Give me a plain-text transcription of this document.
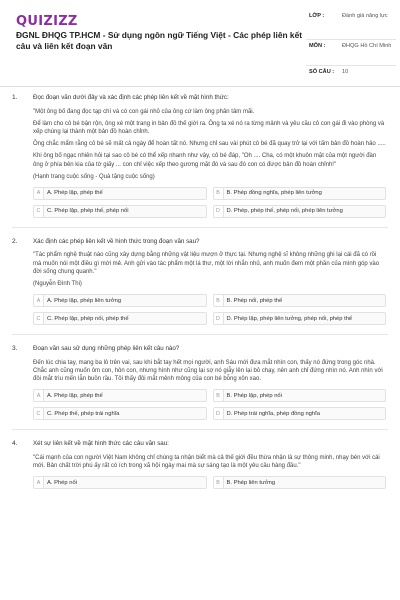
QUIZIZZ
ĐGNL ĐHQG TP.HCM - Sử dụng ngôn ngữ Tiếng Việt - Các phép liên kết câu và liên kết đoạn văn
LỚP :	Đánh giá năng lực
MÔN :	ĐHQG Hồ Chí Minh
SỐ CÂU :	10
1.	Đọc đoạn văn dưới đây và xác định các phép liên kết về mặt hình thức:

"Một ông bố đang đọc tạp chí và có con gái nhỏ của ông cứ làm ông phân tâm mãi.

Để làm cho cô bé bận rộn, ông xé một trang in bản đồ thế giới ra. Ông ta xé nó ra từng mảnh và yêu cầu cô con gái đi vào phòng và xếp chúng lại thành một bản đồ hoàn chỉnh.

Ông chắc mẩm rằng cô bé sẽ mất cả ngày để hoàn tất nó. Nhưng chỉ sau vài phút cô bé đã quay trở lại với tấm bản đồ hoàn hảo .....

Khi ông bố ngạc nhiên hỏi tại sao cô bé có thể xếp nhanh như vậy, cô bé đáp, "Oh .... Cha, có một khuôn mặt của một người đàn ông ở phía bên kia của tờ giấy ... con chỉ việc xếp theo gương mặt đó và sau đó con có được bản đồ hoàn chỉnh!"

(Hạnh trang cuộc sống - Quà tặng cuộc sống)

A	A. Phép lặp, phép thế	B	B. Phép đồng nghĩa, phép liên tưởng
C	C. Phép lặp, phép thế, phép nối	D	D. Phép, phép thế, phép nối, phép liên tưởng
2.	Xác định các phép liên kết về hình thức trong đoạn văn sau?

"Tác phẩm nghệ thuật nào cũng xây dựng bằng những vật liệu mượn ở thực tại. Nhưng nghệ sĩ không những ghi lại cái đã có rồi mà muốn nói một điều gì mới mẻ. Anh gửi vào tác phẩm một lá thư, một lời nhắn nhủ, anh muốn đem một phần của mình góp vào đời sống chung quanh."

(Nguyễn Đình Thi)

A	A. Phép lặp, phép liên tưởng	B	B. Phép nối, phép thế
C	C. Phép lặp, phép nối, phép thế	D	D. Phép lặp, phép liên tưởng, phép nối, phép thế
3.	Đoạn văn sau sử dụng những phép liên kết câu nào?

Đến lúc chia tay, mang ba lô trên vai, sau khi bắt tay hết mọi người, anh Sáu mới đưa mắt nhìn con, thấy nó đứng trong góc nhà. Chắc anh cũng muốn ôm con, hôn con, nhưng hình như cũng lại sợ nó giẫy lên lại bỏ chạy, nên anh chỉ đứng nhìn nó. Anh nhìn với đôi mắt trìu mến lẫn buồn rầu. Tôi thấy đôi mắt mênh mông của con bé bỗng xôn xao.

A	A. Phép lặp, phép thế	B	B. Phép lặp, phép nối
C	C. Phép thế, phép trái nghĩa	D	D. Phép trái nghĩa, phép đồng nghĩa
4.	Xét sự liên kết về mặt hình thức các câu văn sau:

"Cái mạnh của con người Việt Nam không chỉ chúng ta nhận biết mà cả thế giới đều thừa nhận là sự thông minh, nhạy bén với cái mới. Bản chất trời phú ấy rất có ích trong xã hội ngày mai mà sự sáng tạo là một yêu cầu hàng đầu."

A	A. Phép nối	B	B. Phép liên tưởng
